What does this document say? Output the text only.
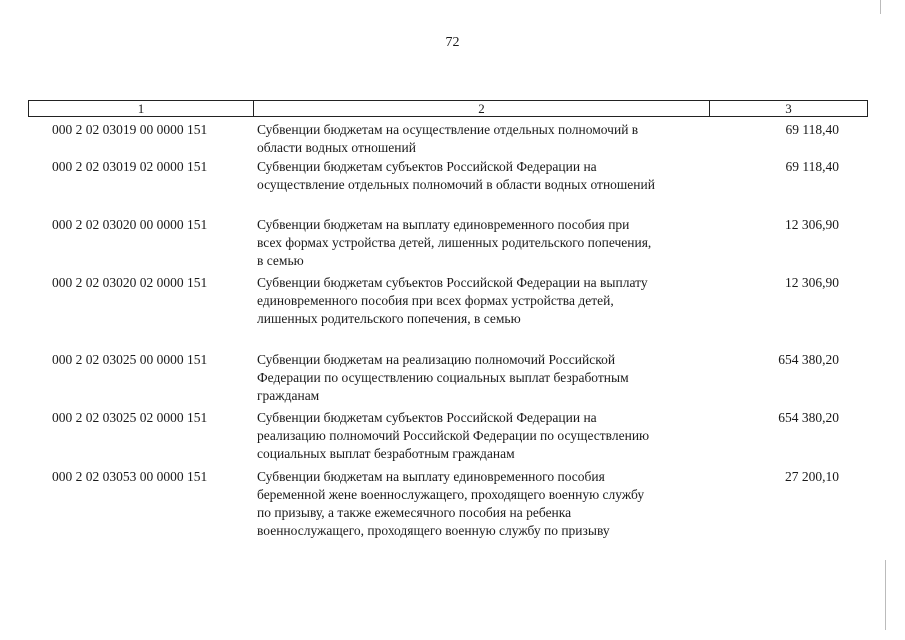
72
1	2	3
000 2 02 03019 00 0000 151	Субвенции бюджетам на осуществление отдельных полномочий в
области водных отношений
69 118,40
000 2 02 03019 02 0000 151	Субвенции бюджетам субъектов Российской Федерации на
осуществление отдельных полномочий в области водных отношений
69 118,40
000 2 02 03020 00 0000 151	Субвенции бюджетам на выплату единовременного пособия при
всех формах устройства детей, лишенных родительского попечения,
в семью
12 306,90
000 2 02 03020 02 0000 151	Субвенции бюджетам субъектов Российской Федерации на выплату
единовременного пособия при всех формах устройства детей,
лишенных родительского попечения, в семью
12 306,90
000 2 02 03025 00 0000 151	Субвенции бюджетам на реализацию полномочий Российской
Федерации по осуществлению социальных выплат безработным
гражданам
654 380,20
000 2 02 03025 02 0000 151	Субвенции бюджетам субъектов Российской Федерации на
реализацию полномочий Российской Федерации по осуществлению
социальных выплат безработным гражданам
654 380,20
000 2 02 03053 00 0000 151	Субвенции бюджетам на выплату единовременного пособия
беременной жене военнослужащего, проходящего военную службу
по призыву, а также ежемесячного пособия на ребенка
военнослужащего, проходящего военную службу по призыву
27 200,10
